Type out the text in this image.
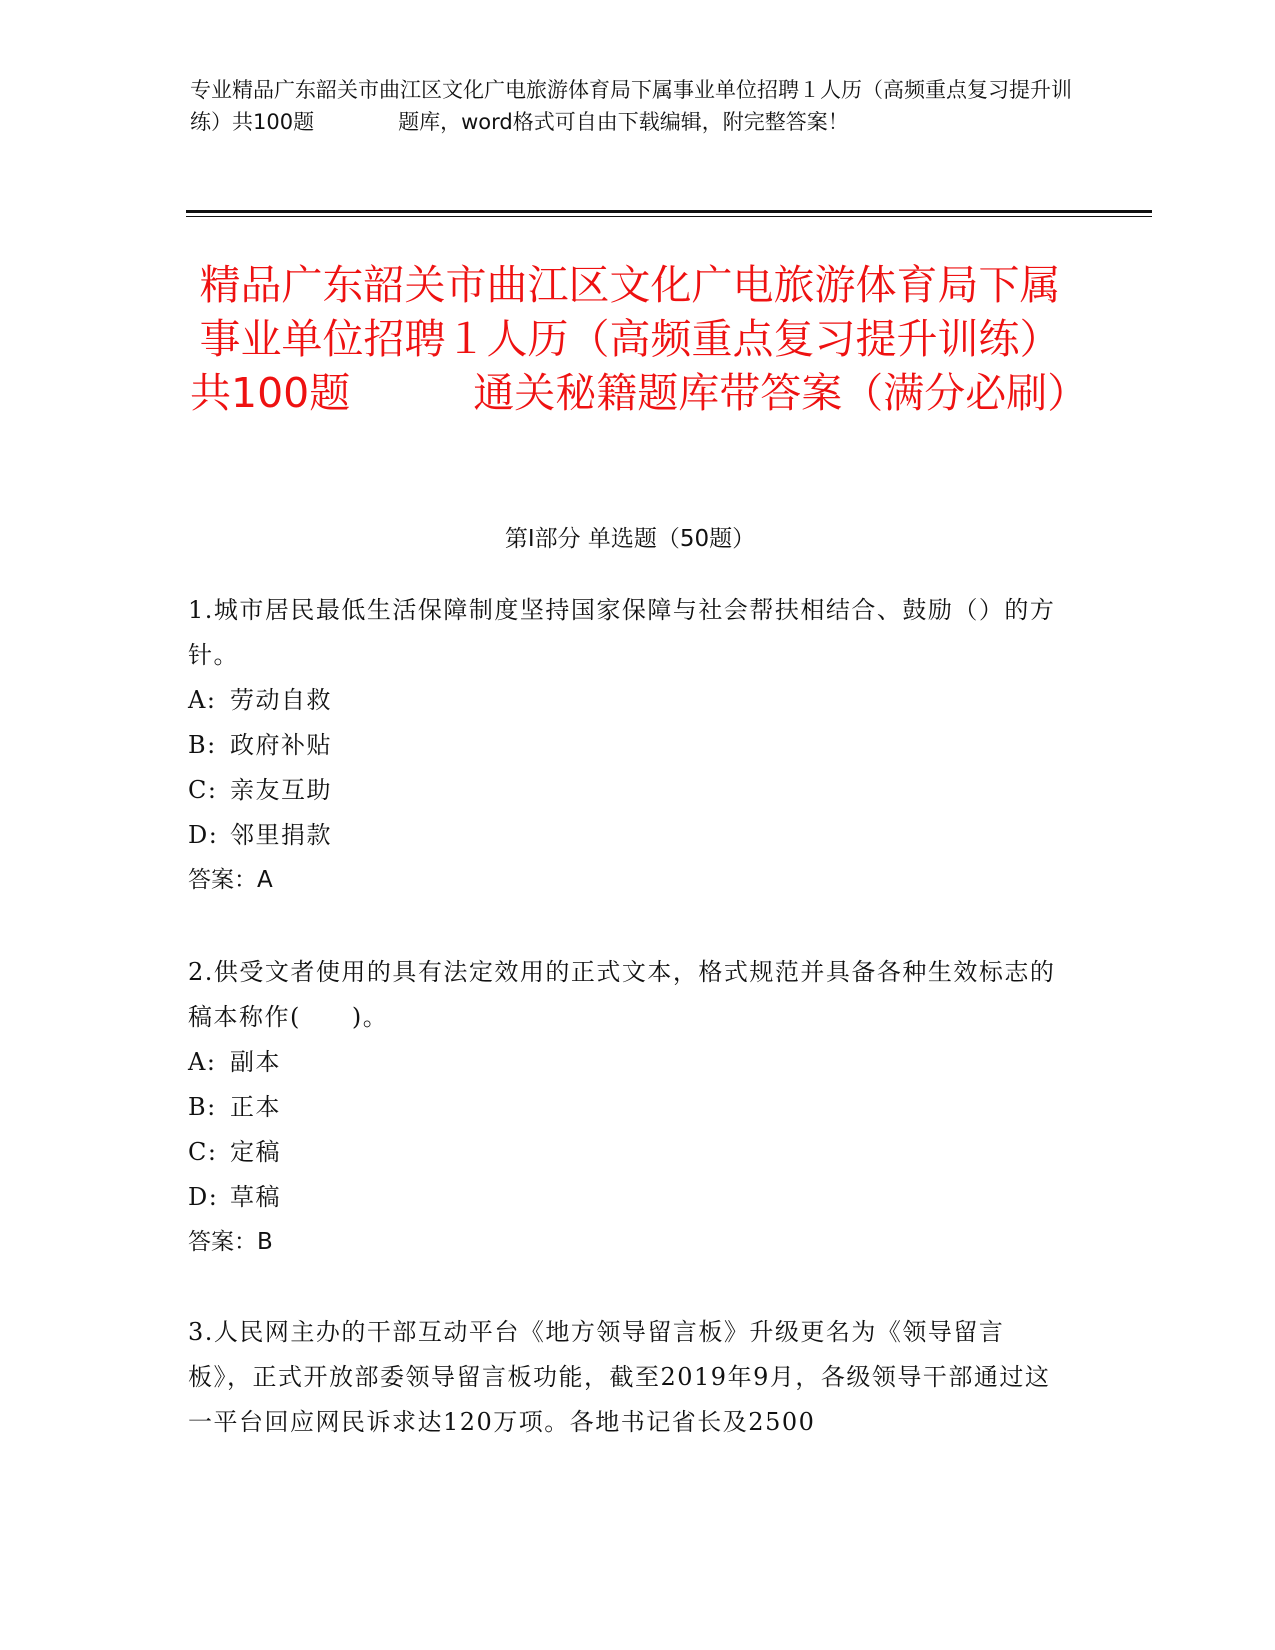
专业精品广东韶关市曲江区文化广电旅游体育局下属事业单位招聘１人历（高频重点复习提升训练）共100题　　　　题库，word格式可自由下载编辑，附完整答案！

精品广东韶关市曲江区文化广电旅游体育局下属事业单位招聘１人历（高频重点复习提升训练）共100题　　　通关秘籍题库带答案（满分必刷）
第I部分 单选题（50题）

1.城市居民最低生活保障制度坚持国家保障与社会帮扶相结合、鼓励（）的方针。

A: 劳动自救

B: 政府补贴

C: 亲友互助

D: 邻里捐款

答案：A

2.供受文者使用的具有法定效用的正式文本，格式规范并具备各种生效标志的稿本称作(　　)。

A: 副本

B: 正本

C: 定稿

D: 草稿

答案：B

3.人民网主办的干部互动平台《地方领导留言板》升级更名为《领导留言板》，正式开放部委领导留言板功能，截至2019年9月，各级领导干部通过这一平台回应网民诉求达120万项。各地书记省长及2500
